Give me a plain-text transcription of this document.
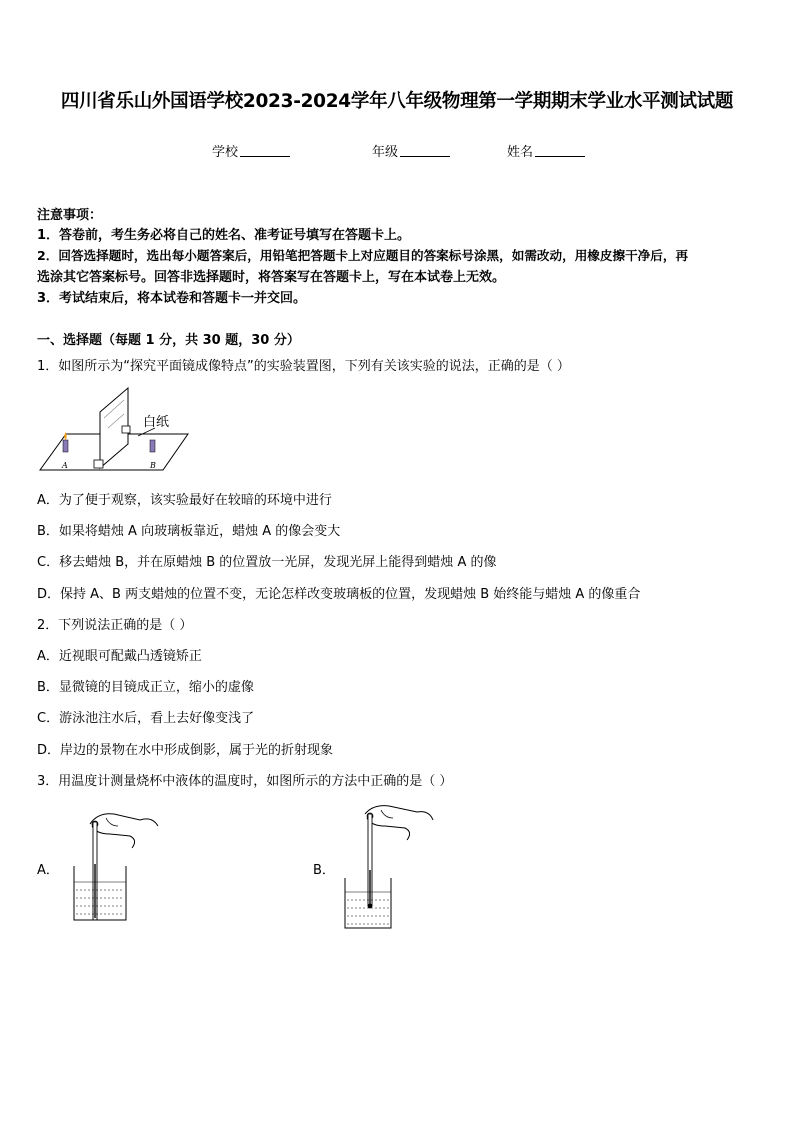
四川省乐山外国语学校2023-2024学年八年级物理第一学期期末学业水平测试试题
学校	年级	姓名
注意事项：
1．答卷前，考生务必将自己的姓名、准考证号填写在答题卡上。
2．回答选择题时，选出每小题答案后，用铅笔把答题卡上对应题目的答案标号涂黑，如需改动，用橡皮擦干净后，再
选涂其它答案标号。回答非选择题时，将答案写在答题卡上，写在本试卷上无效。
3．考试结束后，将本试卷和答题卡一并交回。
一、选择题（每题 1 分，共 30 题，30 分）
1．如图所示为“探究平面镜成像特点”的实验装置图，下列有关该实验的说法，正确的是（ ）
白纸
A	B
A．为了便于观察，该实验最好在较暗的环境中进行
B．如果将蜡烛 A 向玻璃板靠近，蜡烛 A 的像会变大
C．移去蜡烛 B，并在原蜡烛 B 的位置放一光屏，发现光屏上能得到蜡烛 A 的像
D．保持 A、B 两支蜡烛的位置不变，无论怎样改变玻璃板的位置，发现蜡烛 B 始终能与蜡烛 A 的像重合
2．下列说法正确的是（ ）
A．近视眼可配戴凸透镜矫正
B．显微镜的目镜成正立，缩小的虚像
C．游泳池注水后，看上去好像变浅了
D．岸边的景物在水中形成倒影，属于光的折射现象
3．用温度计测量烧杯中液体的温度时，如图所示的方法中正确的是（ ）
A．	B．
